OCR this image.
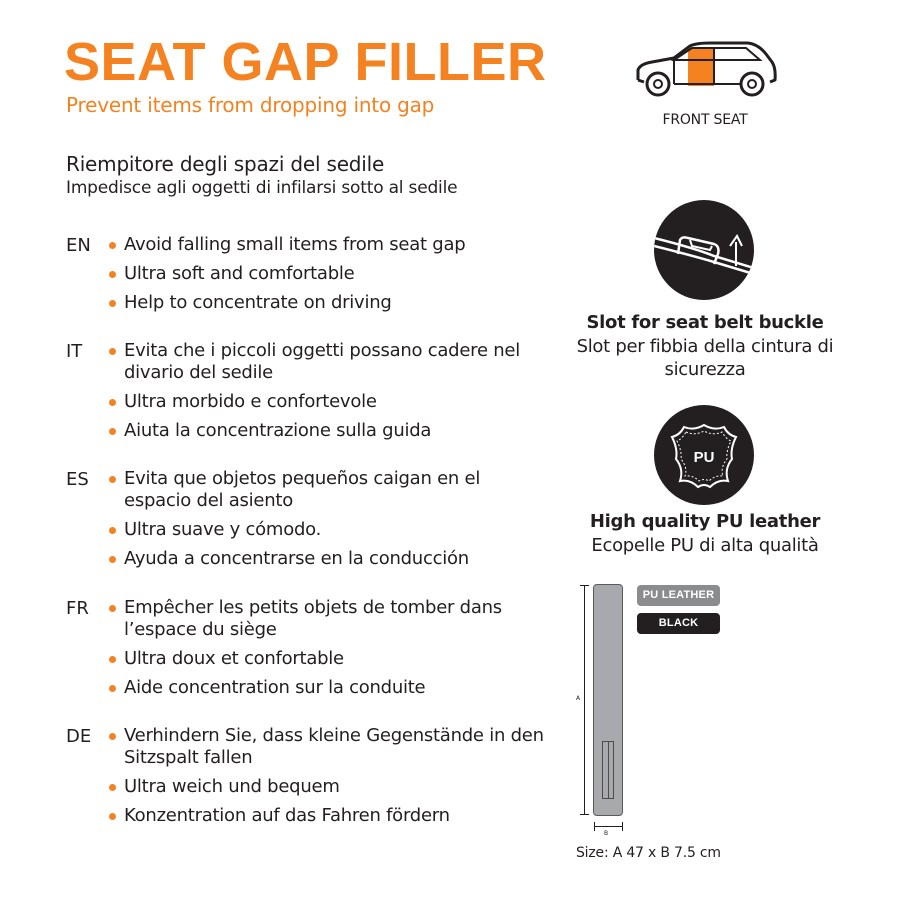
SEAT GAP FILLER
Prevent items from dropping into gap
Riempitore degli spazi del sedile
Impedisce agli oggetti di infilarsi sotto al sedile
EN	Avoid falling small items from seat gap
Ultra soft and comfortable
Help to concentrate on driving
IT	Evita che i piccoli oggetti possano cadere nel divario del sedile
Ultra morbido e confortevole
Aiuta la concentrazione sulla guida
ES	Evita que objetos pequeños caigan en el espacio del asiento
Ultra suave y cómodo.
Ayuda a concentrarse en la conducción
FR	Empêcher les petits objets de tomber dans l’espace du siège
Ultra doux et confortable
Aide concentration sur la conduite
DE	Verhindern Sie, dass kleine Gegenstände in den Sitzspalt fallen
Ultra weich und bequem
Konzentration auf das Fahren fördern
FRONT SEAT
Slot for seat belt buckle
Slot per fibbia della cintura di sicurezza
PU
High quality PU leather
Ecopelle PU di alta qualità
A
B
PU LEATHER
BLACK
Size: A 47 x B 7.5 cm
